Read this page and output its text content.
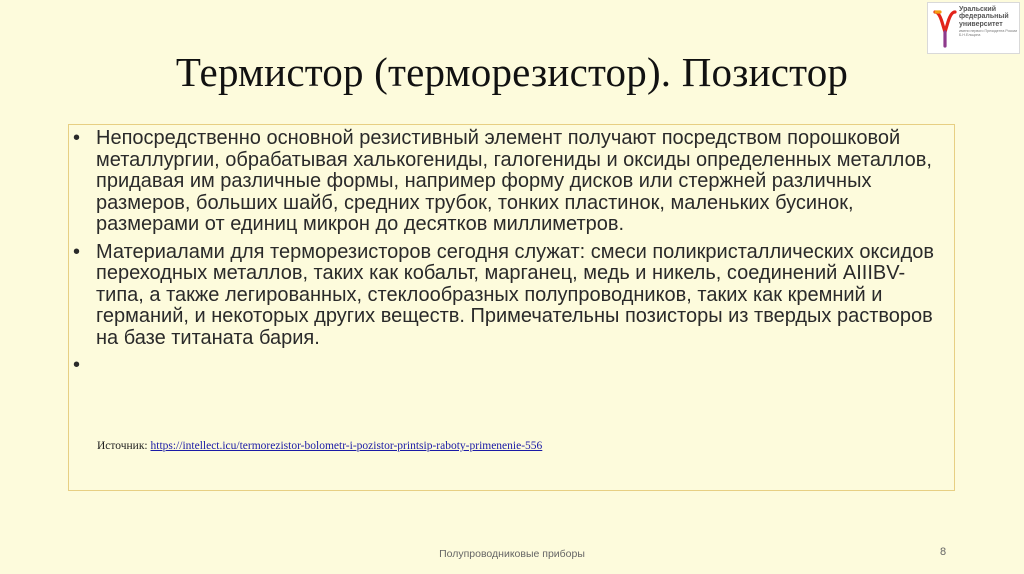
Уральский федеральный университет
имени первого Президента России Б.Н.Ельцина
Термистор (терморезистор). Позистор
• Непосредственно основной резистивный элемент получают посредством порошковой металлургии, обрабатывая халькогениды, галогениды и оксиды определенных металлов, придавая им различные формы, например форму дисков или стержней различных размеров, больших шайб, средних трубок, тонких пластинок, маленьких бусинок, размерами от единиц микрон до десятков миллиметров.
• Материалами для терморезисторов сегодня служат: смеси поликристаллических оксидов переходных металлов, таких как кобальт, марганец, медь и никель, соединений AIIIBV-типа, а также легированных, стеклообразных полупроводников, таких как кремний и германий, и некоторых других веществ. Примечательны позисторы из твердых растворов на базе титаната бария.
•
Источник: https://intellect.icu/termorezistor-bolometr-i-pozistor-printsip-raboty-primenenie-556
Полупроводниковые приборы	8
